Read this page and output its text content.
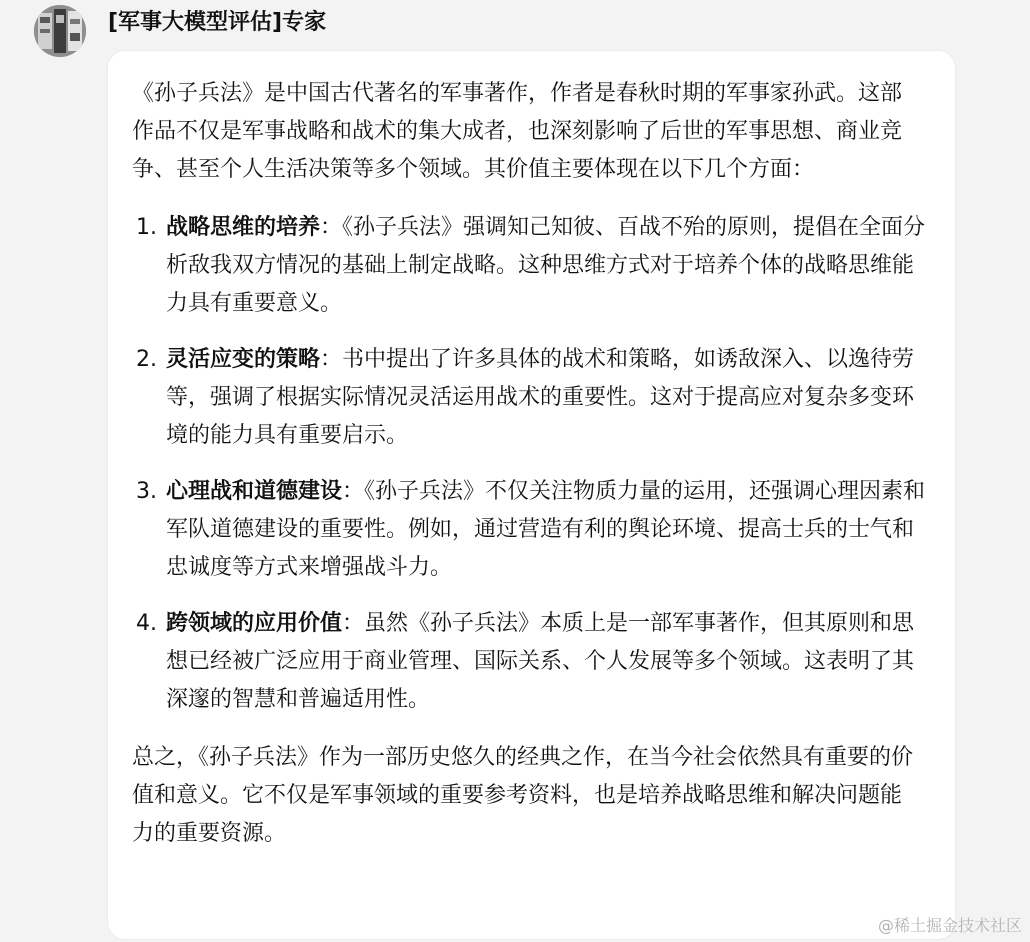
[军事大模型评估]专家

《孙子兵法》是中国古代著名的军事著作，作者是春秋时期的军事家孙武。这部作品不仅是军事战略和战术的集大成者，也深刻影响了后世的军事思想、商业竞争、甚至个人生活决策等多个领域。其价值主要体现在以下几个方面：

1. 战略思维的培养：《孙子兵法》强调知己知彼、百战不殆的原则，提倡在全面分析敌我双方情况的基础上制定战略。这种思维方式对于培养个体的战略思维能力具有重要意义。
2. 灵活应变的策略：书中提出了许多具体的战术和策略，如诱敌深入、以逸待劳等，强调了根据实际情况灵活运用战术的重要性。这对于提高应对复杂多变环境的能力具有重要启示。
3. 心理战和道德建设：《孙子兵法》不仅关注物质力量的运用，还强调心理因素和军队道德建设的重要性。例如，通过营造有利的舆论环境、提高士兵的士气和忠诚度等方式来增强战斗力。
4. 跨领域的应用价值：虽然《孙子兵法》本质上是一部军事著作，但其原则和思想已经被广泛应用于商业管理、国际关系、个人发展等多个领域。这表明了其深邃的智慧和普遍适用性。

总之，《孙子兵法》作为一部历史悠久的经典之作，在当今社会依然具有重要的价值和意义。它不仅是军事领域的重要参考资料，也是培养战略思维和解决问题能力的重要资源。

@稀土掘金技术社区
